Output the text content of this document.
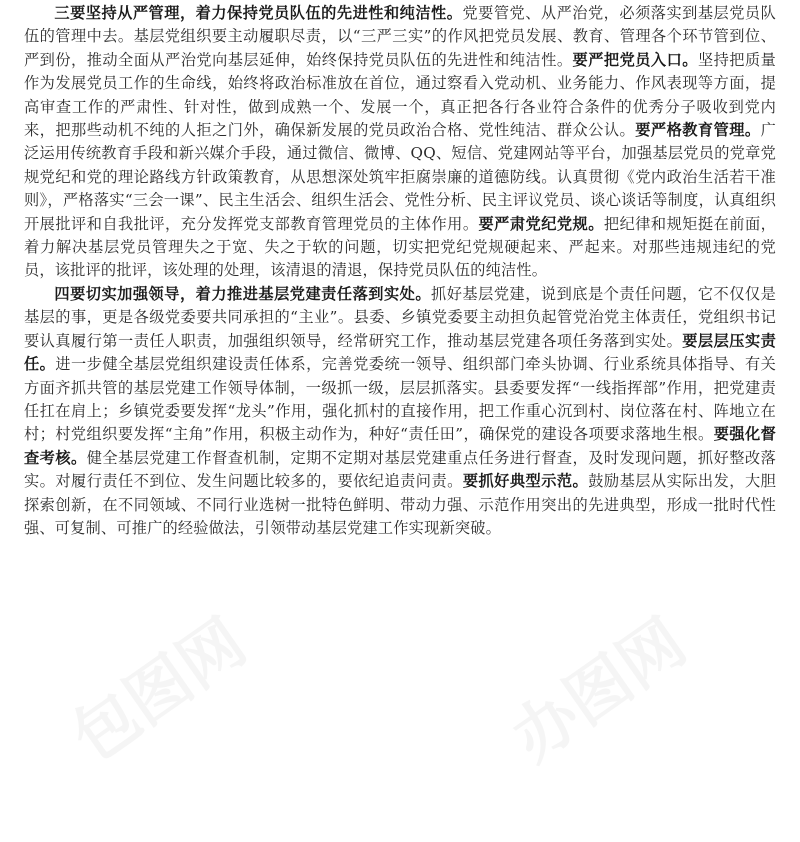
三要坚持从严管理，着力保持党员队伍的先进性和纯洁性。党要管党、从严治党，必须落实到基层党员队伍的管理中去。基层党组织要主动履职尽责，以“三严三实”的作风把党员发展、教育、管理各个环节管到位、严到份，推动全面从严治党向基层延伸，始终保持党员队伍的先进性和纯洁性。要严把党员入口。坚持把质量作为发展党员工作的生命线，始终将政治标准放在首位，通过察看入党动机、业务能力、作风表现等方面，提高审查工作的严肃性、针对性，做到成熟一个、发展一个，真正把各行各业符合条件的优秀分子吸收到党内来，把那些动机不纯的人拒之门外，确保新发展的党员政治合格、党性纯洁、群众公认。要严格教育管理。广泛运用传统教育手段和新兴媒介手段，通过微信、微博、QQ、短信、党建网站等平台，加强基层党员的党章党规党纪和党的理论路线方针政策教育，从思想深处筑牢拒腐崇廉的道德防线。认真贯彻《党内政治生活若干准则》，严格落实“三会一课”、民主生活会、组织生活会、党性分析、民主评议党员、谈心谈话等制度，认真组织开展批评和自我批评，充分发挥党支部教育管理党员的主体作用。要严肃党纪党规。把纪律和规矩挺在前面，着力解决基层党员管理失之于宽、失之于软的问题，切实把党纪党规硬起来、严起来。对那些违规违纪的党员，该批评的批评，该处理的处理，该清退的清退，保持党员队伍的纯洁性。

四要切实加强领导，着力推进基层党建责任落到实处。抓好基层党建，说到底是个责任问题，它不仅仅是基层的事，更是各级党委要共同承担的“主业”。县委、乡镇党委要主动担负起管党治党主体责任，党组织书记要认真履行第一责任人职责，加强组织领导，经常研究工作，推动基层党建各项任务落到实处。要层层压实责任。进一步健全基层党组织建设责任体系，完善党委统一领导、组织部门牵头协调、行业系统具体指导、有关方面齐抓共管的基层党建工作领导体制，一级抓一级，层层抓落实。县委要发挥“一线指挥部”作用，把党建责任扛在肩上；乡镇党委要发挥“龙头”作用，强化抓村的直接作用，把工作重心沉到村、岗位落在村、阵地立在村；村党组织要发挥“主角”作用，积极主动作为，种好“责任田”，确保党的建设各项要求落地生根。要强化督查考核。健全基层党建工作督查机制，定期不定期对基层党建重点任务进行督查，及时发现问题，抓好整改落实。对履行责任不到位、发生问题比较多的，要依纪追责问责。要抓好典型示范。鼓励基层从实际出发，大胆探索创新，在不同领域、不同行业选树一批特色鲜明、带动力强、示范作用突出的先进典型，形成一批时代性强、可复制、可推广的经验做法，引领带动基层党建工作实现新突破。

包图网	办图网
